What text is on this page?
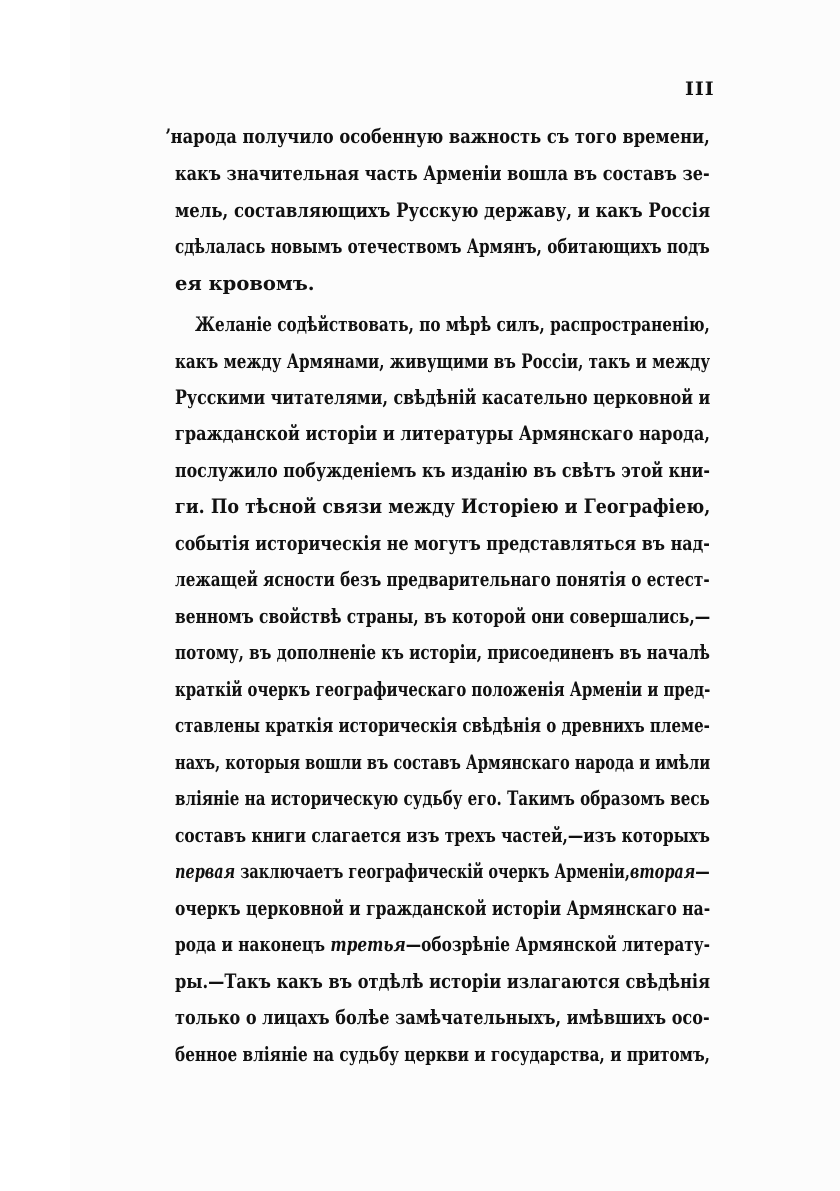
III
ʼнарода получило особенную важность съ того времени,
какъ значительная часть Арменіи вошла въ составъ зе-
мель, составляющихъ Русскую державу, и какъ Россія
сдѣлалась новымъ отечествомъ Армянъ, обитающихъ подъ
ея кровомъ.
Желаніе содѣйствовать, по мѣрѣ силъ, распространенію,
какъ между Армянами, живущими въ Россіи, такъ и между
Русскими читателями, свѣдѣній касательно церковной и
гражданской исторіи и литературы Армянскаго народа,
послужило побужденіемъ къ изданію въ свѣтъ этой кни-
ги. По тѣсной связи между Исторіею и Географіею,
событія историческія не могутъ представляться въ над-
лежащей ясности безъ предварительнаго понятія о естест-
венномъ свойствѣ страны, въ которой они совершались,—
потому, въ дополненіе къ исторіи, присоединенъ въ началѣ
краткій очеркъ географическаго положенія Арменіи и пред-
ставлены краткія историческія свѣдѣнія о древнихъ племе-
нахъ, которыя вошли въ составъ Армянскаго народа и имѣли
вліяніе на историческую судьбу его. Такимъ образомъ весь
составъ книги слагается изъ трехъ частей,—изъ которыхъ
первая заключаетъ географическій очеркъ Арменіи,вторая—
очеркъ церковной и гражданской исторіи Армянскаго на-
рода и наконецъ третья—обозрѣніе Армянской литерату-
ры.—Такъ какъ въ отдѣлѣ исторіи излагаются свѣдѣнія
только о лицахъ болѣе замѣчательныхъ, имѣвшихъ осо-
бенное вліяніе на судьбу церкви и государства, и притомъ,
